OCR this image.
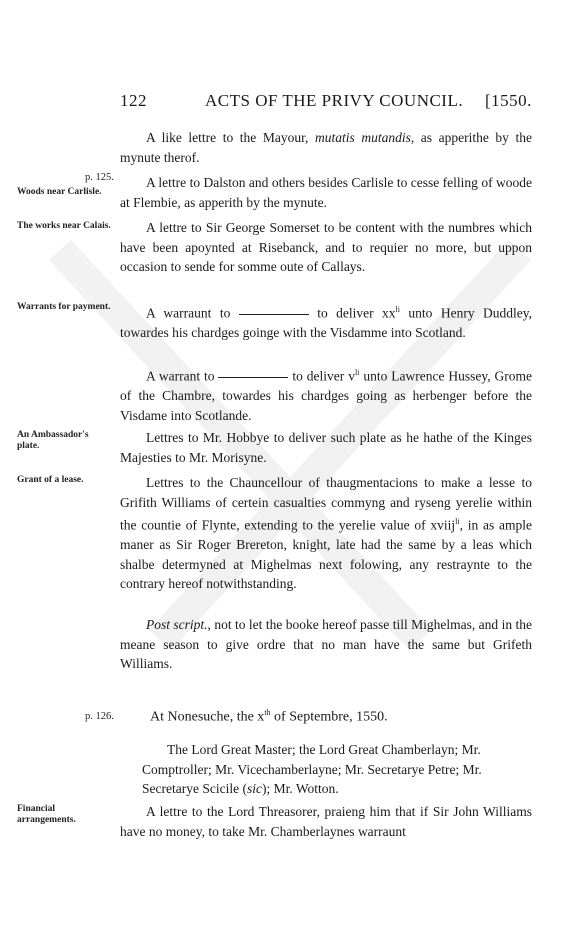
122	ACTS OF THE PRIVY COUNCIL. [1550.

A like lettre to the Mayour, mutatis mutandis, as apperithe by the mynute therof.

p. 125.
Woods near Carlisle.

A lettre to Dalston and others besides Carlisle to cesse felling of woode at Flembie, as apperith by the mynute.

The works near Calais.	A lettre to Sir George Somerset to be content with the numbres which have been apoynted at Risebanck, and to requier no more, but uppon occasion to sende for somme oute of Callays.

Warrants for payment.	A warraunt to	to deliver $xx^{li}$ unto Henry Duddley, towardes his chardges goinge with the Visdamme into Scotland.

A warrant to	to deliver $v^{li}$ unto Lawrence Hussey, Grome of the Chambre, towardes his chardges going as herbenger before the Visdame into Scotlande.

An Ambassador's plate.

Lettres to Mr. Hobbye to deliver such plate as he hathe of the Kinges Majesties to Mr. Morisyne.

Grant of a lease.	Lettres to the Chauncellour of thaugmentacions to make a lesse to Grifith Williams of certein casualties commyng and ryseng yerelie within the countie of Flynte, extending to the yerelie value of xviij$^{li}$, in as ample maner as Sir Roger Brereton, knight, late had the same by a leas which shalbe determyned at Mighelmas next folowing, any restraynte to the contrary hereof notwithstanding.

Post script., not to let the booke hereof passe till Mighelmas, and in the meane season to give ordre that no man have the same but Grifeth Williams.

p. 126.	At Nonesuche, the $x^{th}$ of Septembre, 1550.
The Lord Great Master; the Lord Great Chamberlayn; Mr. Comptroller; Mr. Vicechamberlayne; Mr. Secretarye Petre; Mr. Secretarye Scicile (sic); Mr. Wotton.
Financial arrangements.

A lettre to the Lord Threasorer, praieng him that if Sir John Williams have no money, to take Mr. Chamberlaynes warraunt
